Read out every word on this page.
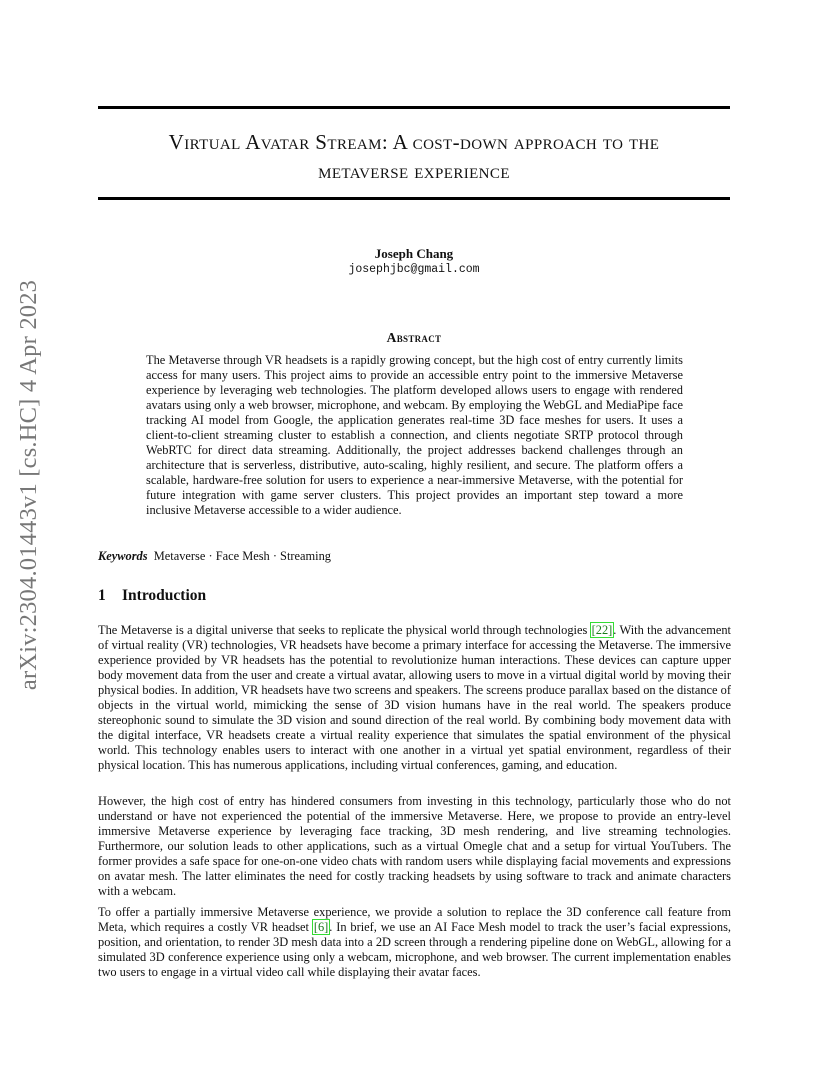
arXiv:2304.01443v1 [cs.HC] 4 Apr 2023
Virtual Avatar Stream: A cost-down approach to the
metaverse experience
Joseph Chang
josephjbc@gmail.com
Abstract

The Metaverse through VR headsets is a rapidly growing concept, but the high cost of entry currently limits access for many users. This project aims to provide an accessible entry point to the immersive Metaverse experience by leveraging web technologies. The platform developed allows users to engage with rendered avatars using only a web browser, microphone, and webcam. By employing the WebGL and MediaPipe face tracking AI model from Google, the application generates real-time 3D face meshes for users. It uses a client-to-client streaming cluster to establish a connection, and clients negotiate SRTP protocol through WebRTC for direct data streaming. Additionally, the project addresses backend challenges through an architecture that is serverless, distributive, auto-scaling, highly resilient, and secure. The platform offers a scalable, hardware-free solution for users to experience a near-immersive Metaverse, with the potential for future integration with game server clusters. This project provides an important step toward a more inclusive Metaverse accessible to a wider audience.

Keywords Metaverse · Face Mesh · Streaming
1 Introduction

The Metaverse is a digital universe that seeks to replicate the physical world through technologies [22]. With the advancement of virtual reality (VR) technologies, VR headsets have become a primary interface for accessing the Metaverse. The immersive experience provided by VR headsets has the potential to revolutionize human interactions. These devices can capture upper body movement data from the user and create a virtual avatar, allowing users to move in a virtual digital world by moving their physical bodies. In addition, VR headsets have two screens and speakers. The screens produce parallax based on the distance of objects in the virtual world, mimicking the sense of 3D vision humans have in the real world. The speakers produce stereophonic sound to simulate the 3D vision and sound direction of the real world. By combining body movement data with the digital interface, VR headsets create a virtual reality experience that simulates the spatial environment of the physical world. This technology enables users to interact with one another in a virtual yet spatial environment, regardless of their physical location. This has numerous applications, including virtual conferences, gaming, and education.

However, the high cost of entry has hindered consumers from investing in this technology, particularly those who do not understand or have not experienced the potential of the immersive Metaverse. Here, we propose to provide an entry-level immersive Metaverse experience by leveraging face tracking, 3D mesh rendering, and live streaming technologies. Furthermore, our solution leads to other applications, such as a virtual Omegle chat and a setup for virtual YouTubers. The former provides a safe space for one-on-one video chats with random users while displaying facial movements and expressions on avatar mesh. The latter eliminates the need for costly tracking headsets by using software to track and animate characters with a webcam.

To offer a partially immersive Metaverse experience, we provide a solution to replace the 3D conference call feature from Meta, which requires a costly VR headset [6]. In brief, we use an AI Face Mesh model to track the user’s facial expressions, position, and orientation, to render 3D mesh data into a 2D screen through a rendering pipeline done on WebGL, allowing for a simulated 3D conference experience using only a webcam, microphone, and web browser. The current implementation enables two users to engage in a virtual video call while displaying their avatar faces.
